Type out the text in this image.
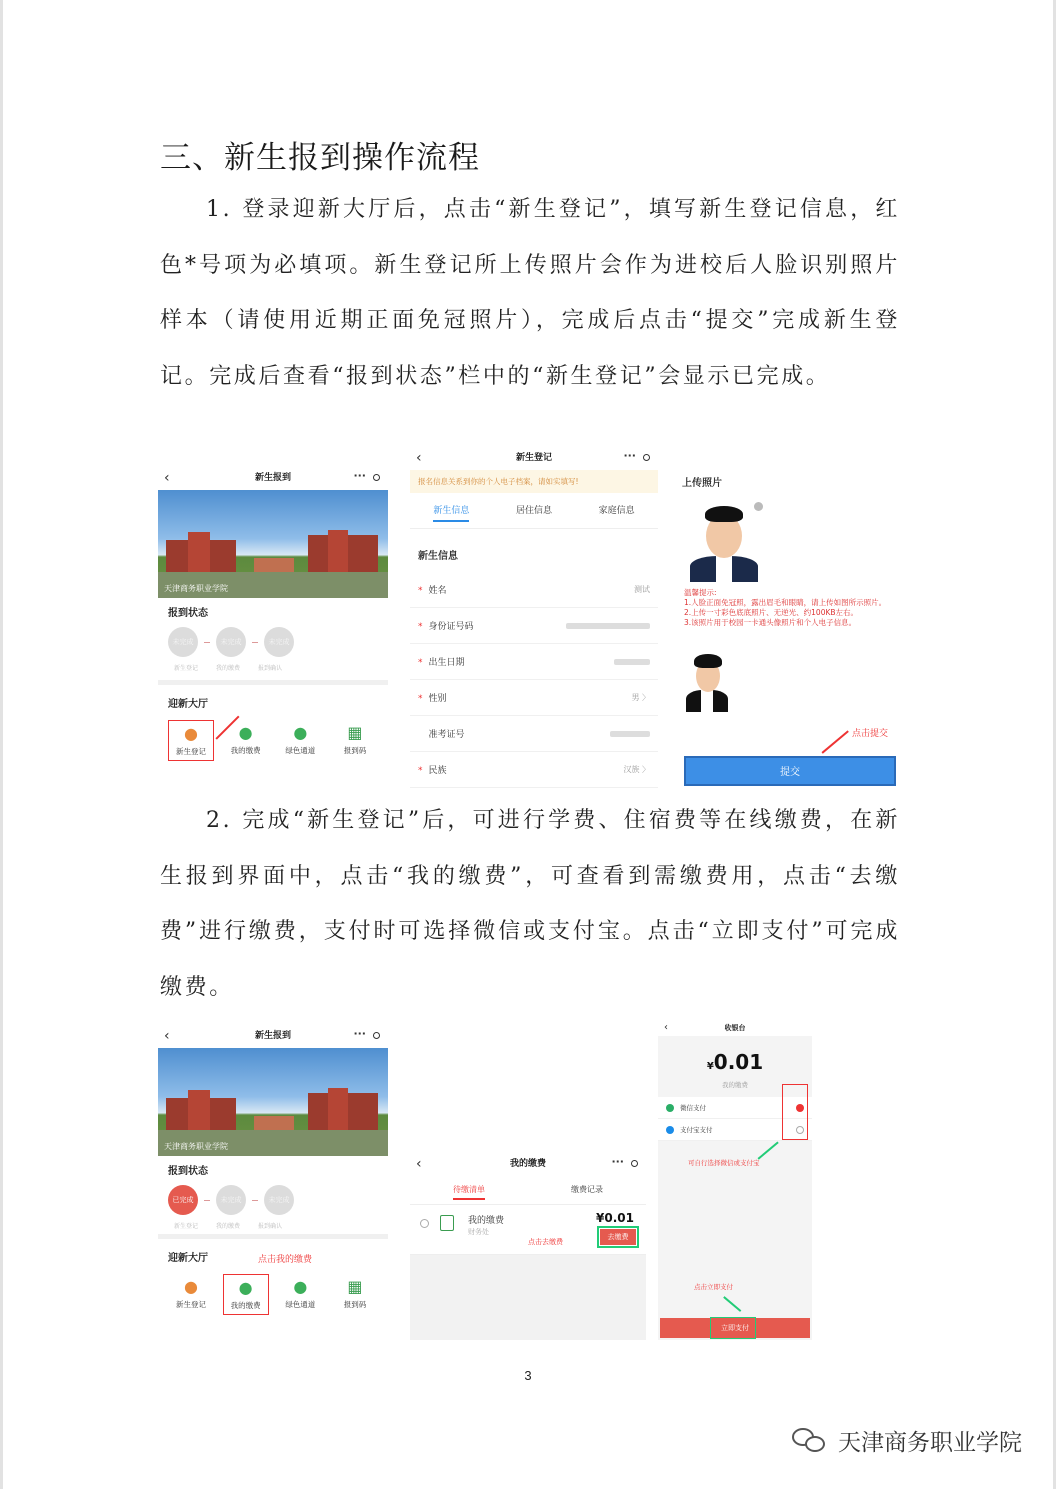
三、新生报到操作流程
1. 登录迎新大厅后，点击“新生登记”，填写新生登记信息，红色*号项为必填项。新生登记所上传照片会作为进校后人脸识别照片样本（请使用近期正面免冠照片），完成后点击“提交”完成新生登记。完成后查看“报到状态”栏中的“新生登记”会显示已完成。
‹	新生报到	···
天津商务职业学院
报到状态
未完成	未完成	未完成
新生登记	我的缴费	报到确认
迎新大厅
●
新生登记
●
我的缴费
●
绿色通道
▦
报到码
‹	新生登记	···
报名信息关系到你的个人电子档案，请如实填写!
新生信息	居住信息	家庭信息
新生信息
* 姓名	测试
* 身份证号码
* 出生日期
* 性别	男 〉
准考证号
* 民族	汉族 〉
上传照片
温馨提示:
1.人脸正面免冠照，露出眉毛和眼睛，请上传如图所示照片。
2.上传一寸彩色底底照片、无逆光、约100KB左右。
3.该照片用于校园一卡通头像照片和个人电子信息。
点击提交
提交
2. 完成“新生登记”后，可进行学费、住宿费等在线缴费，在新生报到界面中，点击“我的缴费”，可查看到需缴费用，点击“去缴费”进行缴费，支付时可选择微信或支付宝。点击“立即支付”可完成缴费。
‹	新生报到	···
天津商务职业学院
报到状态
已完成	未完成	未完成
新生登记	我的缴费	报到确认
点击我的缴费
迎新大厅
●
新生登记
●
我的缴费
●
绿色通道
▦
报到码
‹	我的缴费	···
待缴清单	缴费记录
我的缴费
财务处
¥0.01
去缴费
点击去缴费
‹	收银台
¥0.01
我的缴费
微信支付
支付宝支付
可自行选择微信或支付宝
点击立即支付
立即支付
3
天津商务职业学院
